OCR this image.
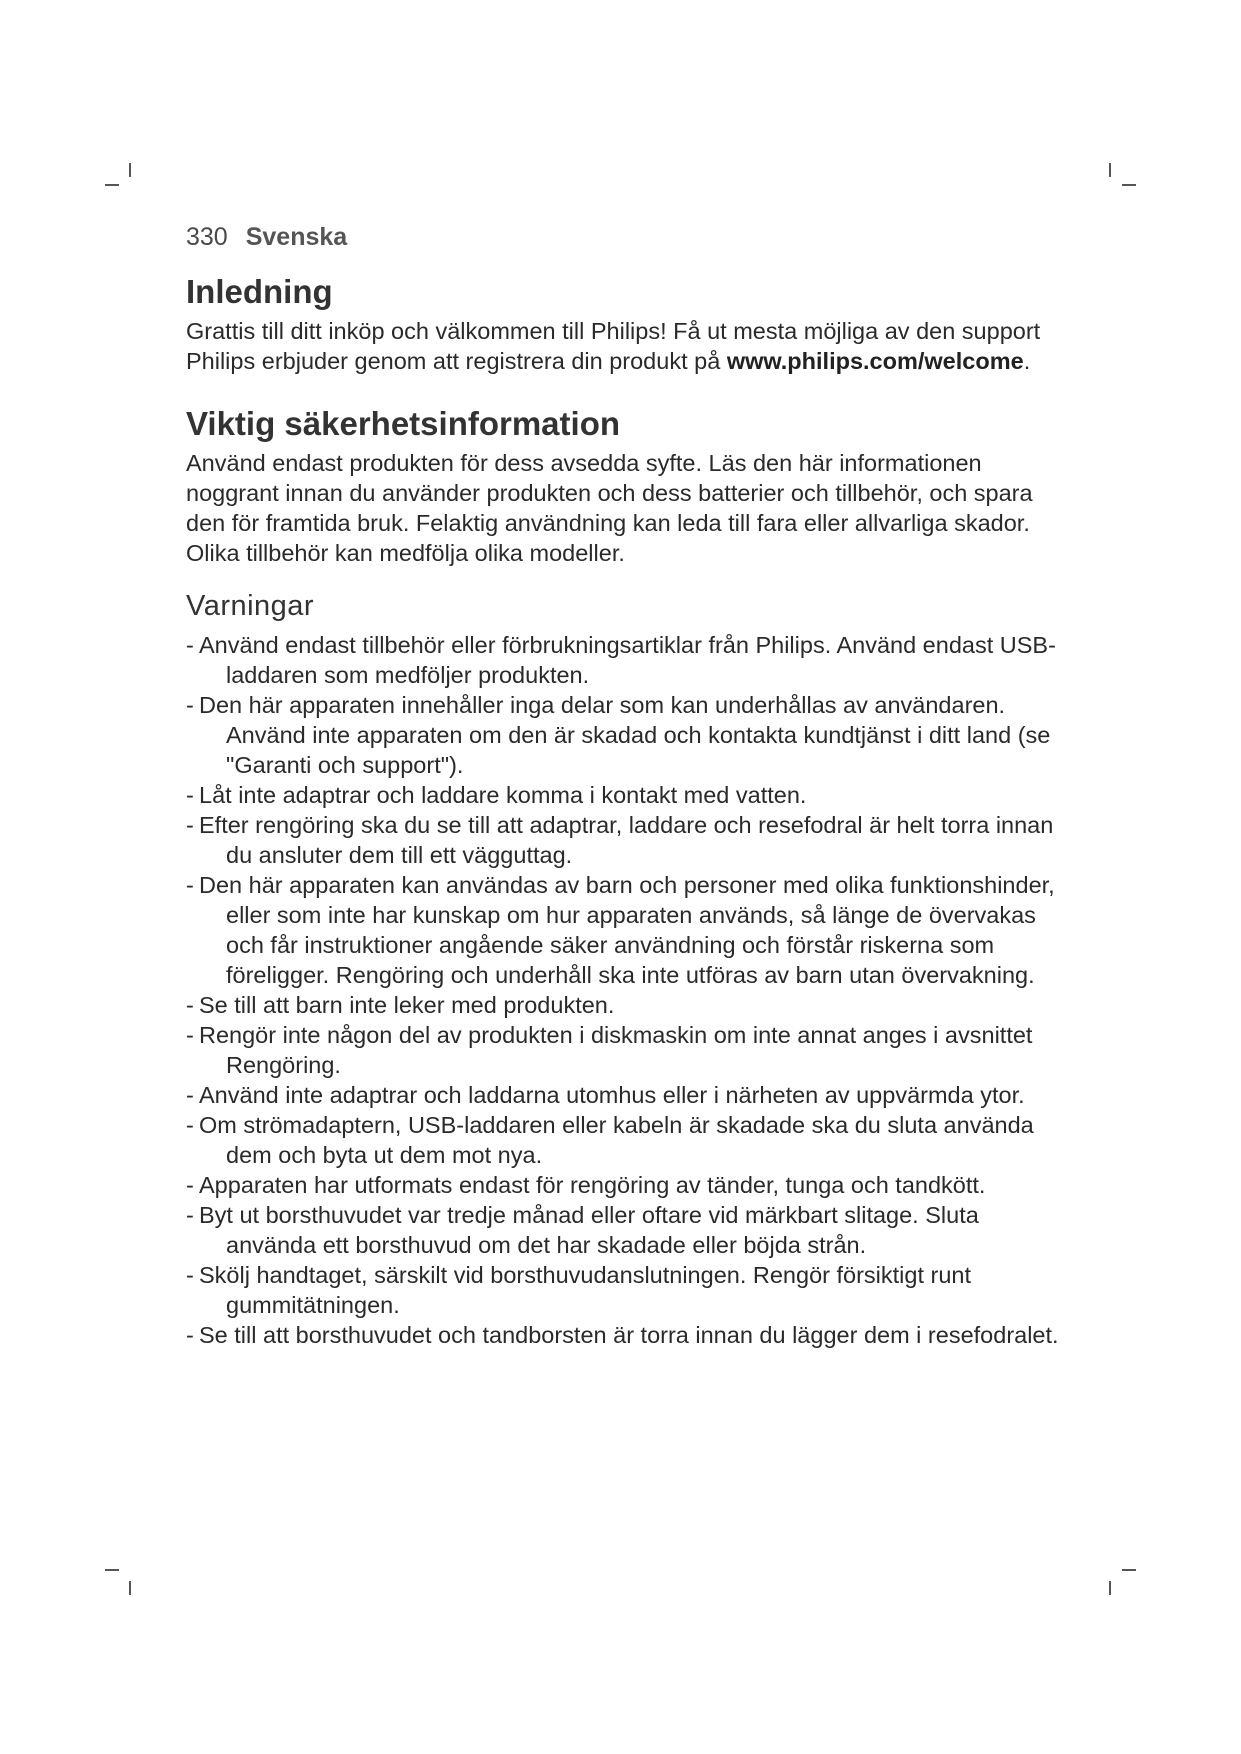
330 Svenska
Inledning

Grattis till ditt inköp och välkommen till Philips! Få ut mesta möjliga av den support Philips erbjuder genom att registrera din produkt på www.philips.com/welcome.

Viktig säkerhetsinformation

Använd endast produkten för dess avsedda syfte. Läs den här informationen noggrant innan du använder produkten och dess batterier och tillbehör, och spara den för framtida bruk. Felaktig användning kan leda till fara eller allvarliga skador.

Olika tillbehör kan medfölja olika modeller.

Varningar
- Använd endast tillbehör eller förbrukningsartiklar från Philips. Använd endast USB-laddaren som medföljer produkten.
- Den här apparaten innehåller inga delar som kan underhållas av användaren. Använd inte apparaten om den är skadad och kontakta kundtjänst i ditt land (se "Garanti och support").
- Låt inte adaptrar och laddare komma i kontakt med vatten.
- Efter rengöring ska du se till att adaptrar, laddare och resefodral är helt torra innan du ansluter dem till ett vägguttag.
- Den här apparaten kan användas av barn och personer med olika funktionshinder, eller som inte har kunskap om hur apparaten används, så länge de övervakas och får instruktioner angående säker användning och förstår riskerna som föreligger. Rengöring och underhåll ska inte utföras av barn utan övervakning.
- Se till att barn inte leker med produkten.
- Rengör inte någon del av produkten i diskmaskin om inte annat anges i avsnittet Rengöring.
- Använd inte adaptrar och laddarna utomhus eller i närheten av uppvärmda ytor.
- Om strömadaptern, USB-laddaren eller kabeln är skadade ska du sluta använda dem och byta ut dem mot nya.
- Apparaten har utformats endast för rengöring av tänder, tunga och tandkött.
- Byt ut borsthuvudet var tredje månad eller oftare vid märkbart slitage. Sluta använda ett borsthuvud om det har skadade eller böjda strån.
- Skölj handtaget, särskilt vid borsthuvudanslutningen. Rengör försiktigt runt gummitätningen.
- Se till att borsthuvudet och tandborsten är torra innan du lägger dem i resefodralet.
